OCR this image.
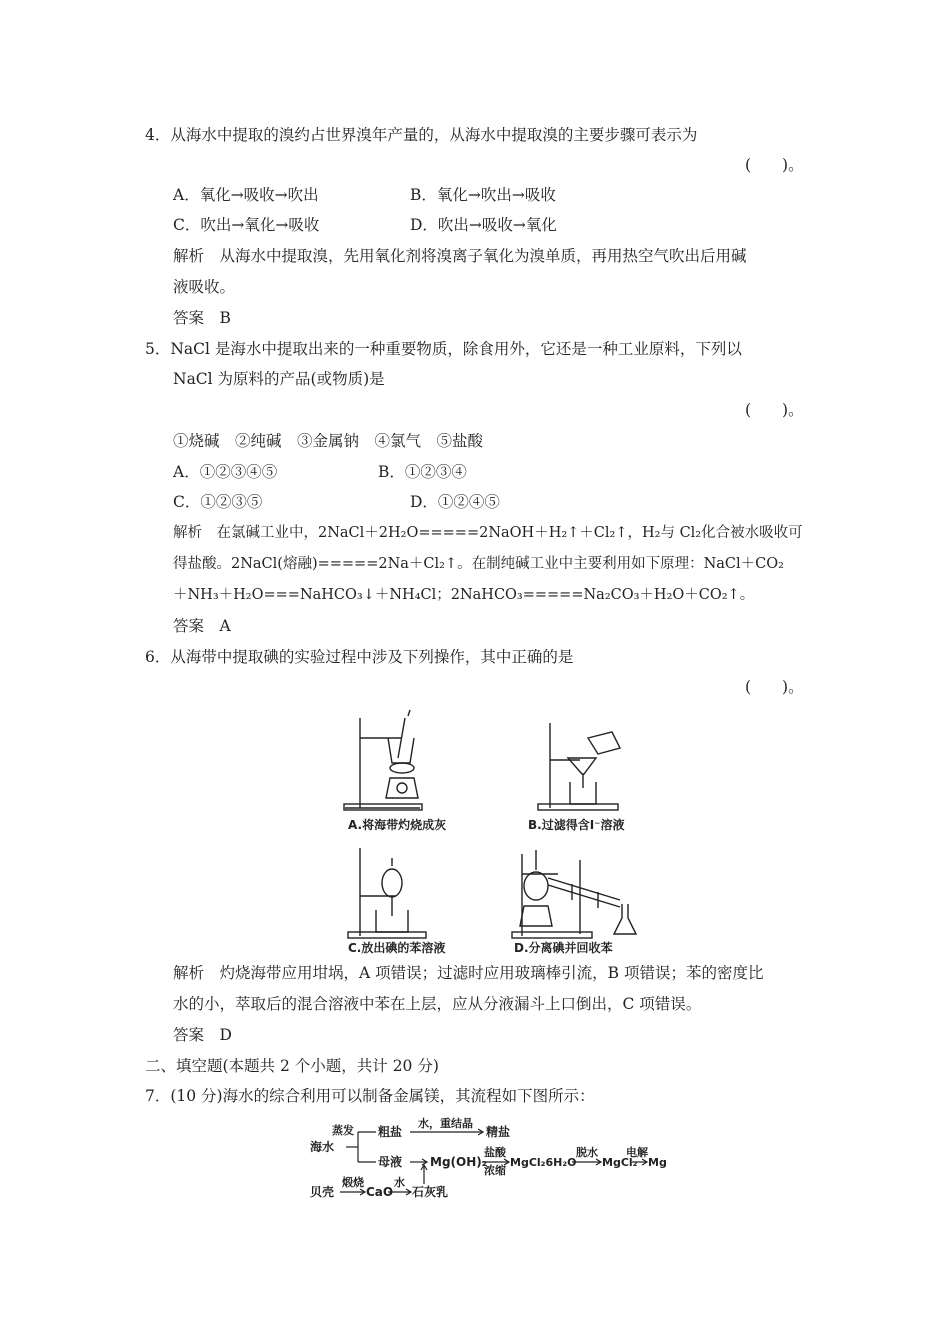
4．从海水中提取的溴约占世界溴年产量的，从海水中提取溴的主要步骤可表示为
(　　)。
A．氧化→吸收→吹出	B．氧化→吹出→吸收
C．吹出→氧化→吸收	D．吹出→吸收→氧化
解析　从海水中提取溴，先用氧化剂将溴离子氧化为溴单质，再用热空气吹出后用碱
液吸收。
答案　B
5．NaCl 是海水中提取出来的一种重要物质，除食用外，它还是一种工业原料，下列以
NaCl 为原料的产品(或物质)是
(　　)。
①烧碱　②纯碱　③金属钠　④氯气　⑤盐酸
A．①②③④⑤	B．①②③④
C．①②③⑤	D．①②④⑤
解析　在氯碱工业中，2NaCl＋2H₂O=====2NaOH＋H₂↑＋Cl₂↑，H₂与 Cl₂化合被水吸收可
得盐酸。2NaCl(熔融)=====2Na＋Cl₂↑。在制纯碱工业中主要利用如下原理：NaCl＋CO₂
＋NH₃＋H₂O===NaHCO₃↓＋NH₄Cl；2NaHCO₃=====Na₂CO₃＋H₂O＋CO₂↑。
答案　A
6．从海带中提取碘的实验过程中涉及下列操作，其中正确的是
(　　)。
A.将海带灼烧成灰	B.过滤得含I⁻溶液
C.放出碘的苯溶液	D.分离碘并回收苯
解析　灼烧海带应用坩埚，A 项错误；过滤时应用玻璃棒引流，B 项错误；苯的密度比
水的小，萃取后的混合溶液中苯在上层，应从分液漏斗上口倒出，C 项错误。
答案　D
二、填空题(本题共 2 个小题，共计 20 分)
7．(10 分)海水的综合利用可以制备金属镁，其流程如下图所示：
海水
蒸发 粗盐
水，重结晶
精盐
母液 Mg(OH)₂
盐酸
浓缩
MgCl₂6H₂O
脱水
MgCl₂
电解
Mg
贝壳
煅烧
CaO
水
石灰乳
